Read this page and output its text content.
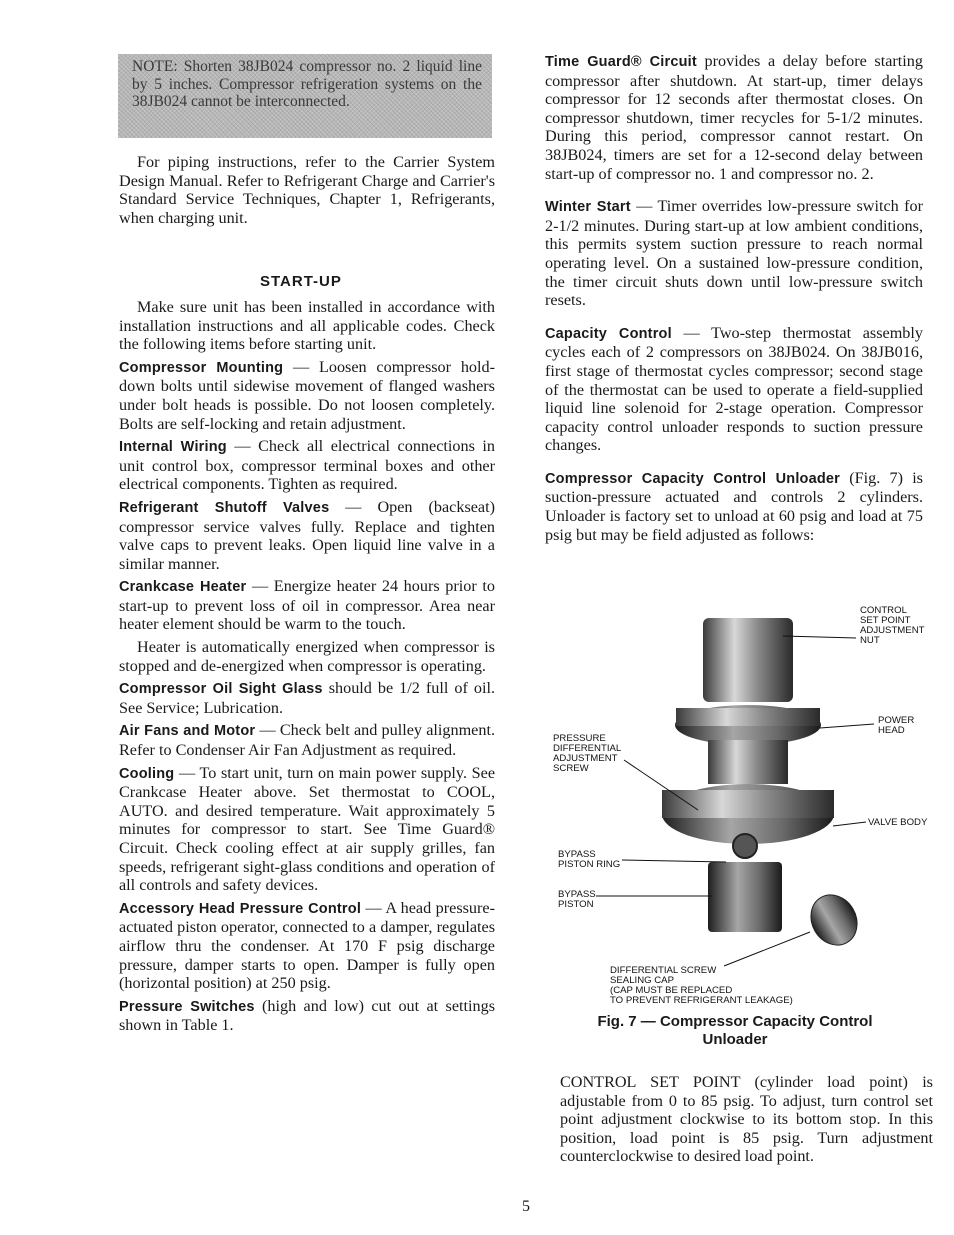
NOTE: Shorten 38JB024 compressor no. 2 liquid line by 5 inches. Compressor refrigeration systems on the 38JB024 cannot be interconnected.

For piping instructions, refer to the Carrier System Design Manual. Refer to Refrigerant Charge and Carrier's Standard Service Techniques, Chapter 1, Refrigerants, when charging unit.

START-UP

Make sure unit has been installed in accordance with installation instructions and all applicable codes. Check the following items before starting unit.

Compressor Mounting — Loosen compressor hold-down bolts until sidewise movement of flanged washers under bolt heads is possible. Do not loosen completely. Bolts are self-locking and retain adjustment.

Internal Wiring — Check all electrical connections in unit control box, compressor terminal boxes and other electrical components. Tighten as required.

Refrigerant Shutoff Valves — Open (backseat) compressor service valves fully. Replace and tighten valve caps to prevent leaks. Open liquid line valve in a similar manner.

Crankcase Heater — Energize heater 24 hours prior to start-up to prevent loss of oil in compressor. Area near heater element should be warm to the touch.

Heater is automatically energized when compressor is stopped and de-energized when compressor is operating.

Compressor Oil Sight Glass should be 1/2 full of oil. See Service; Lubrication.

Air Fans and Motor — Check belt and pulley alignment. Refer to Condenser Air Fan Adjustment as required.

Cooling — To start unit, turn on main power supply. See Crankcase Heater above. Set thermostat to COOL, AUTO. and desired temperature. Wait approximately 5 minutes for compressor to start. See Time Guard® Circuit. Check cooling effect at air supply grilles, fan speeds, refrigerant sight-glass conditions and operation of all controls and safety devices.

Accessory Head Pressure Control — A head pressure-actuated piston operator, connected to a damper, regulates airflow thru the condenser. At 170 F psig discharge pressure, damper starts to open. Damper is fully open (horizontal position) at 250 psig.

Pressure Switches (high and low) cut out at settings shown in Table 1.

Time Guard® Circuit provides a delay before starting compressor after shutdown. At start-up, timer delays compressor for 12 seconds after thermostat closes. On compressor shutdown, timer recycles for 5-1/2 minutes. During this period, compressor cannot restart. On 38JB024, timers are set for a 12-second delay between start-up of compressor no. 1 and compressor no. 2.

Winter Start — Timer overrides low-pressure switch for 2-1/2 minutes. During start-up at low ambient conditions, this permits system suction pressure to reach normal operating level. On a sustained low-pressure condition, the timer circuit shuts down until low-pressure switch resets.

Capacity Control — Two-step thermostat assembly cycles each of 2 compressors on 38JB024. On 38JB016, first stage of thermostat cycles compressor; second stage of the thermostat can be used to operate a field-supplied liquid line solenoid for 2-stage operation. Compressor capacity control unloader responds to suction pressure changes.

Compressor Capacity Control Unloader (Fig. 7) is suction-pressure actuated and controls 2 cylinders. Unloader is factory set to unload at 60 psig and load at 75 psig but may be field adjusted as follows:

CONTROL
SET POINT
ADJUSTMENT
NUT
POWER
HEAD
PRESSURE
DIFFERENTIAL
ADJUSTMENT
SCREW
VALVE BODY
BYPASS
PISTON RING
BYPASS
PISTON
DIFFERENTIAL SCREW
SEALING CAP
(CAP MUST BE REPLACED
TO PREVENT REFRIGERANT LEAKAGE)
Fig. 7 — Compressor Capacity Control
Unloader

CONTROL SET POINT (cylinder load point) is adjustable from 0 to 85 psig. To adjust, turn control set point adjustment clockwise to its bottom stop. In this position, load point is 85 psig. Turn adjustment counterclockwise to desired load point.

5
